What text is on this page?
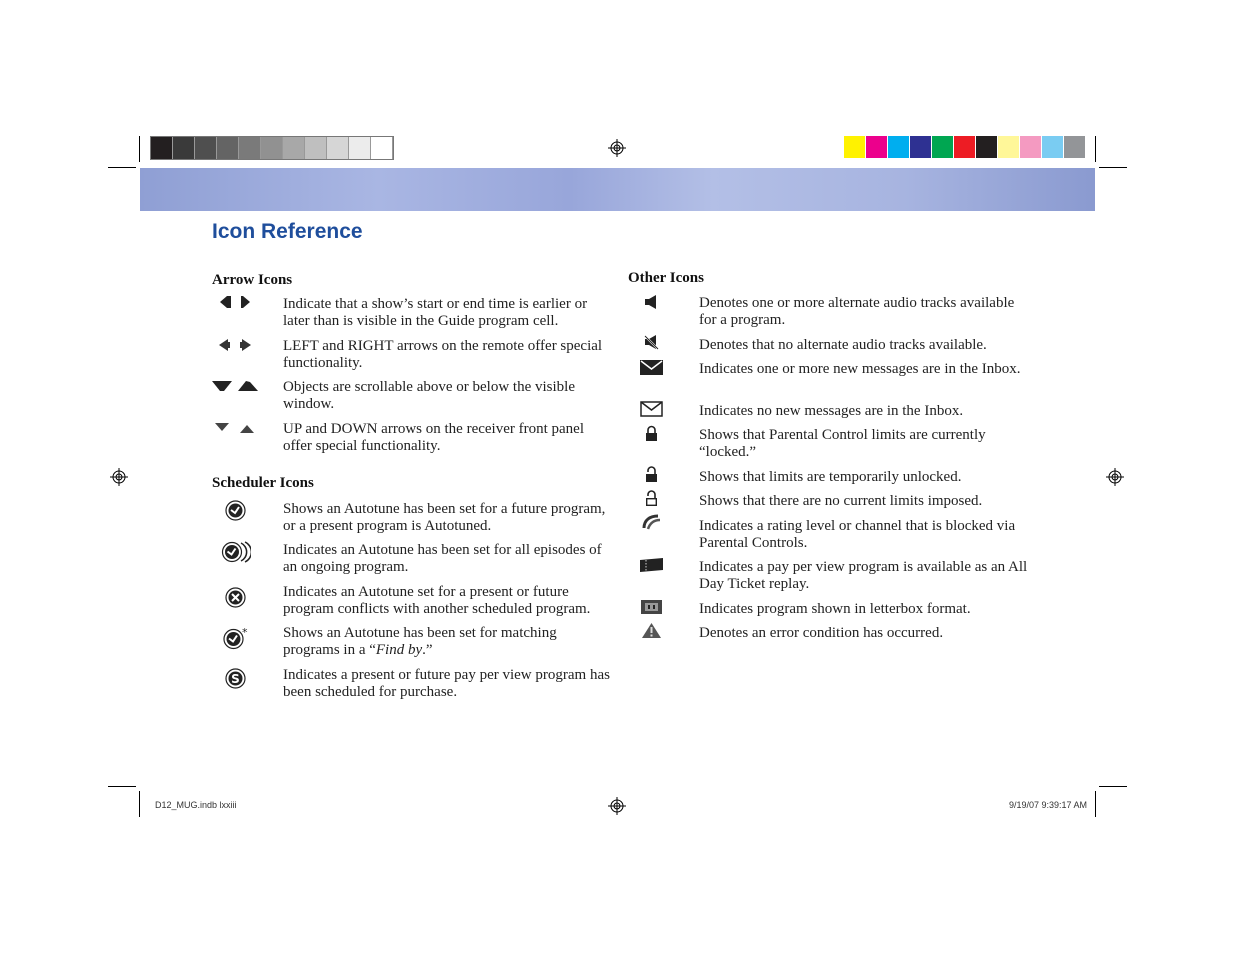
Icon Reference
Arrow Icons
Indicate that a show’s start or end time is earlier or later than is visible in the Guide program cell.
LEFT and RIGHT arrows on the remote offer special functionality.
Objects are scrollable above or below the visible window.
UP and DOWN arrows on the receiver front panel offer special functionality.
Scheduler Icons
Shows an Autotune has been set for a future program, or a present program is Autotuned.
Indicates an Autotune has been set for all episodes of an ongoing program.
Indicates an Autotune set for a present or future program conflicts with another scheduled program.
Shows an Autotune has been set for matching programs in a “Find by.”
*
Indicates a present or future pay per view program has been scheduled for purchase.
S
Other Icons
Denotes one or more alternate audio tracks available for a program.
Denotes that no alternate audio tracks available.
Indicates one or more new messages are in the Inbox.
Indicates no new messages are in the Inbox.
Shows that Parental Control limits are currently “locked.”
Shows that limits are temporarily unlocked.
Shows that there are no current limits imposed.
Indicates a rating level or channel that is blocked via Parental Controls.
Indicates a pay per view program is available as an All Day Ticket replay.
Indicates program shown in letterbox format.
Denotes an error condition has occurred.
D12_MUG.indb lxxiii	9/19/07 9:39:17 AM
